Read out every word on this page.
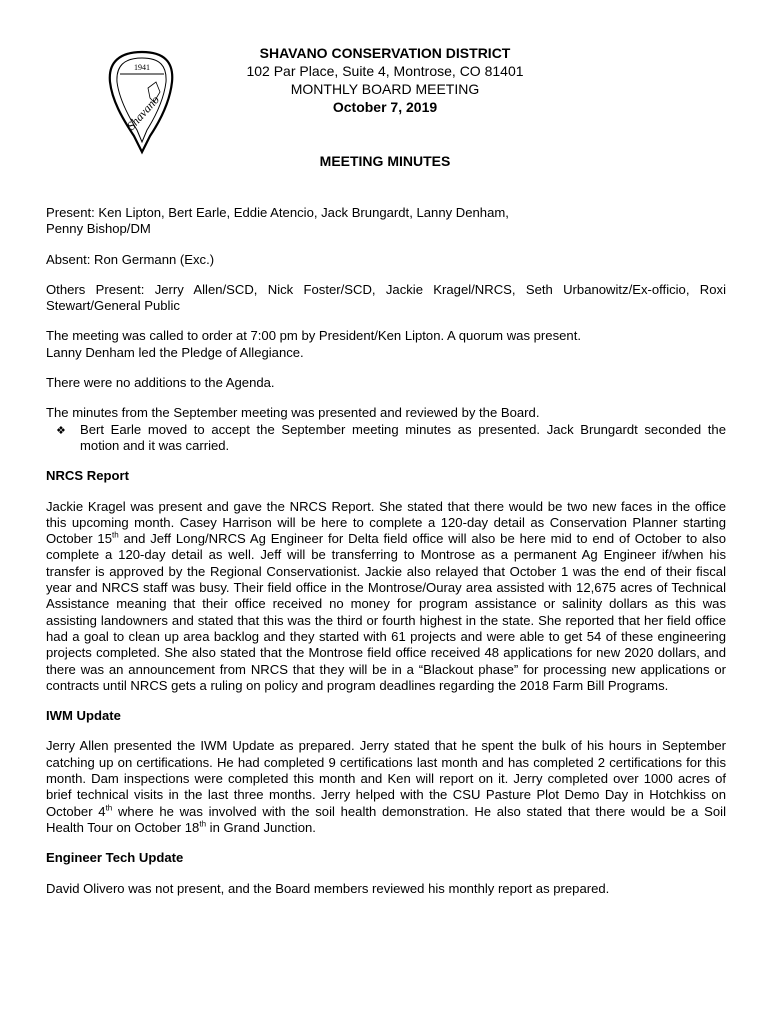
1941
Shavano
SHAVANO CONSERVATION DISTRICT
102 Par Place, Suite 4, Montrose, CO 81401
MONTHLY BOARD MEETING
October 7, 2019
MEETING MINUTES

Present: Ken Lipton, Bert Earle, Eddie Atencio, Jack Brungardt, Lanny Denham,
Penny Bishop/DM

Absent: Ron Germann (Exc.)

Others Present: Jerry Allen/SCD, Nick Foster/SCD, Jackie Kragel/NRCS, Seth Urbanowitz/Ex-officio, Roxi Stewart/General Public

The meeting was called to order at 7:00 pm by President/Ken Lipton. A quorum was present.
Lanny Denham led the Pledge of Allegiance.

There were no additions to the Agenda.

The minutes from the September meeting was presented and reviewed by the Board.
❖	Bert Earle moved to accept the September meeting minutes as presented. Jack Brungardt seconded the motion and it was carried.

NRCS Report

Jackie Kragel was present and gave the NRCS Report. She stated that there would be two new faces in the office this upcoming month. Casey Harrison will be here to complete a 120-day detail as Conservation Planner starting October 15th and Jeff Long/NRCS Ag Engineer for Delta field office will also be here mid to end of October to also complete a 120-day detail as well. Jeff will be transferring to Montrose as a permanent Ag Engineer if/when his transfer is approved by the Regional Conservationist. Jackie also relayed that October 1 was the end of their fiscal year and NRCS staff was busy. Their field office in the Montrose/Ouray area assisted with 12,675 acres of Technical Assistance meaning that their office received no money for program assistance or salinity dollars as this was assisting landowners and stated that this was the third or fourth highest in the state. She reported that her field office had a goal to clean up area backlog and they started with 61 projects and were able to get 54 of these engineering projects completed. She also stated that the Montrose field office received 48 applications for new 2020 dollars, and there was an announcement from NRCS that they will be in a “Blackout phase” for processing new applications or contracts until NRCS gets a ruling on policy and program deadlines regarding the 2018 Farm Bill Programs.

IWM Update

Jerry Allen presented the IWM Update as prepared. Jerry stated that he spent the bulk of his hours in September catching up on certifications. He had completed 9 certifications last month and has completed 2 certifications for this month. Dam inspections were completed this month and Ken will report on it. Jerry completed over 1000 acres of brief technical visits in the last three months. Jerry helped with the CSU Pasture Plot Demo Day in Hotchkiss on October 4th where he was involved with the soil health demonstration. He also stated that there would be a Soil Health Tour on October 18th in Grand Junction.

Engineer Tech Update

David Olivero was not present, and the Board members reviewed his monthly report as prepared.
